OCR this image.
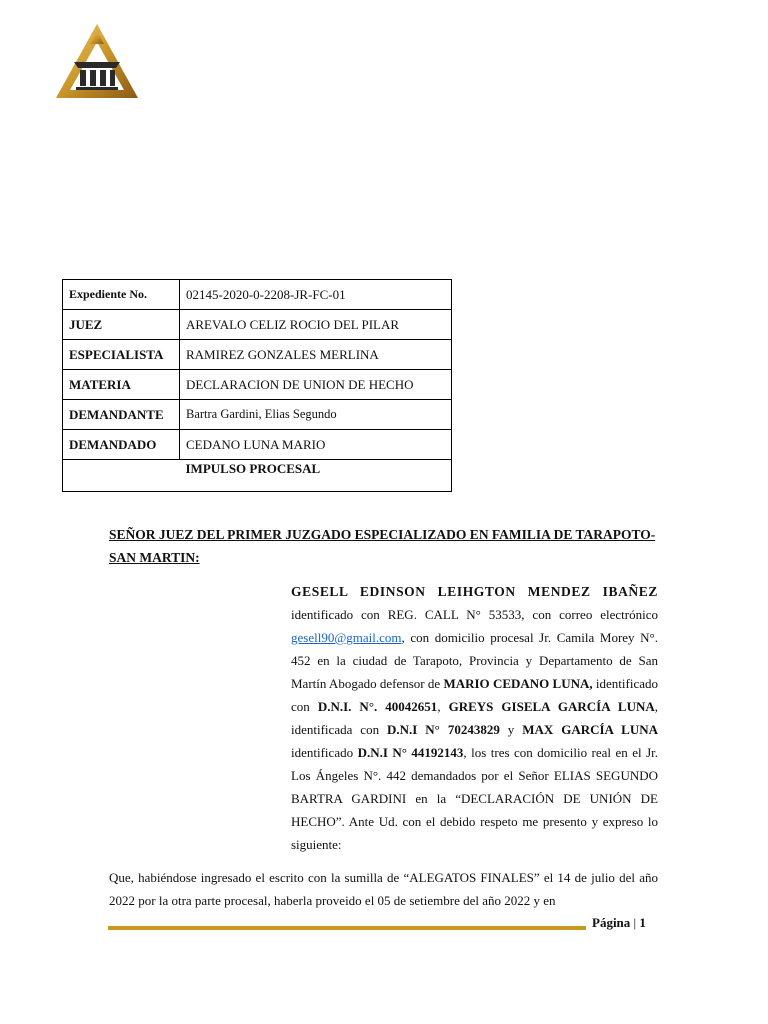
Expediente No.	02145-2020-0-2208-JR-FC-01
JUEZ	AREVALO CELIZ ROCIO DEL PILAR
ESPECIALISTA	RAMIREZ GONZALES MERLINA
MATERIA	DECLARACION DE UNION DE HECHO
DEMANDANTE	Bartra Gardini, Elias Segundo
DEMANDADO	CEDANO LUNA MARIO
	IMPULSO PROCESAL
SEÑOR JUEZ DEL PRIMER JUZGADO ESPECIALIZADO EN FAMILIA DE TARAPOTO-SAN MARTIN:
GESELL EDINSON LEIHGTON MENDEZ IBAÑEZ identificado con REG. CALL N° 53533, con correo electrónico gesell90@gmail.com, con domicilio procesal Jr. Camila Morey N°. 452 en la ciudad de Tarapoto, Provincia y Departamento de San Martín Abogado defensor de MARIO CEDANO LUNA, identificado con D.N.I. N°. 40042651, GREYS GISELA GARCÍA LUNA, identificada con D.N.I N° 70243829 y MAX GARCÍA LUNA identificado D.N.I N° 44192143, los tres con domicilio real en el Jr. Los Ángeles N°. 442 demandados por el Señor ELIAS SEGUNDO BARTRA GARDINI en la “DECLARACIÓN DE UNIÓN DE HECHO”. Ante Ud. con el debido respeto me presento y expreso lo siguiente:
Que, habiéndose ingresado el escrito con la sumilla de “ALEGATOS FINALES” el 14 de julio del año 2022 por la otra parte procesal, haberla proveido el 05 de setiembre del año 2022 y en
Página | 1
